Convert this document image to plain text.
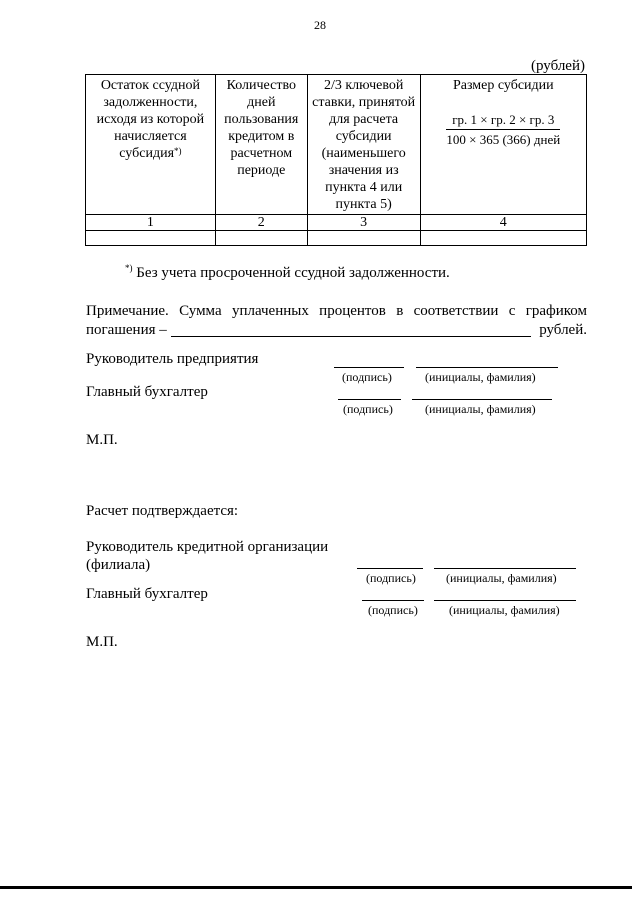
28
(рублей)
Остаток ссудной задолженности, исходя из которой начисляется субсидия*)	Количество дней пользования кредитом в расчетном периоде	2/3 ключевой ставки, принятой для расчета субсидии (наименьшего значения из пункта 4 или пункта 5)	Размер субсидии
$\frac{гр. 1 \times гр. 2 \times гр. 3}{\text{100 × 365 (366) дней}}$

1	2	3	4

*) Без учета просроченной ссудной задолженности.
Примечание. Сумма уплаченных процентов в соответствии с графиком
погашения –	рублей.
Руководитель предприятия
(подпись)	(инициалы, фамилия)
Главный бухгалтер
(подпись)	(инициалы, фамилия)
М.П.
Расчет подтверждается:
Руководитель кредитной организации
(филиала)
(подпись)	(инициалы, фамилия)
Главный бухгалтер
(подпись)	(инициалы, фамилия)
М.П.
